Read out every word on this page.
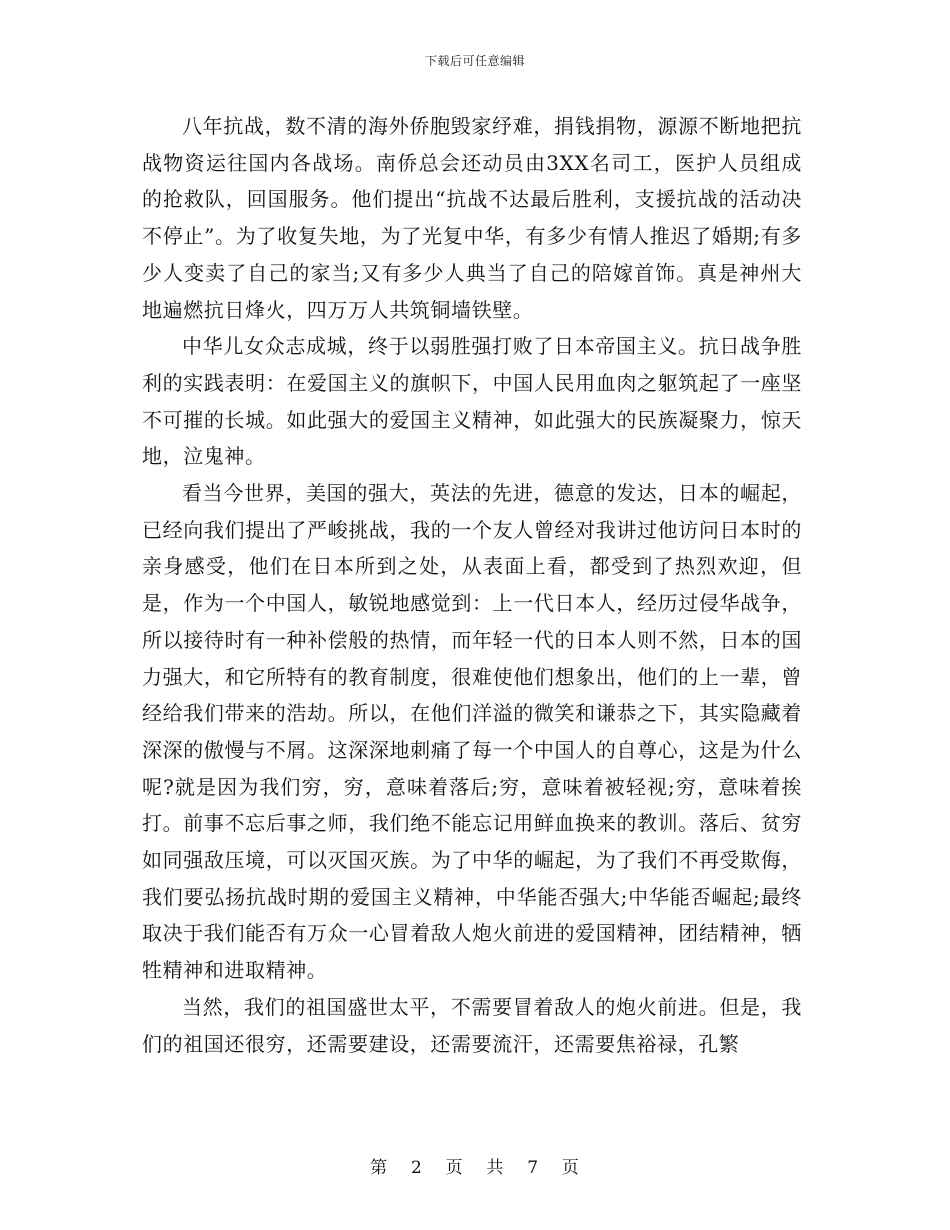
下载后可任意编辑

八年抗战，数不清的海外侨胞毁家纾难，捐钱捐物，源源不断地把抗战物资运往国内各战场。南侨总会还动员由3XX名司工，医护人员组成的抢救队，回国服务。他们提出“抗战不达最后胜利，支援抗战的活动决不停止”。为了收复失地，为了光复中华，有多少有情人推迟了婚期;有多少人变卖了自己的家当;又有多少人典当了自己的陪嫁首饰。真是神州大地遍燃抗日烽火，四万万人共筑铜墙铁壁。

中华儿女众志成城，终于以弱胜强打败了日本帝国主义。抗日战争胜利的实践表明：在爱国主义的旗帜下，中国人民用血肉之躯筑起了一座坚不可摧的长城。如此强大的爱国主义精神，如此强大的民族凝聚力，惊天地，泣鬼神。

看当今世界，美国的强大，英法的先进，德意的发达，日本的崛起，已经向我们提出了严峻挑战，我的一个友人曾经对我讲过他访问日本时的亲身感受，他们在日本所到之处，从表面上看，都受到了热烈欢迎，但是，作为一个中国人，敏锐地感觉到：上一代日本人，经历过侵华战争，所以接待时有一种补偿般的热情，而年轻一代的日本人则不然，日本的国力强大，和它所特有的教育制度，很难使他们想象出，他们的上一辈，曾经给我们带来的浩劫。所以，在他们洋溢的微笑和谦恭之下，其实隐藏着深深的傲慢与不屑。这深深地刺痛了每一个中国人的自尊心，这是为什么呢?就是因为我们穷，穷，意味着落后;穷，意味着被轻视;穷，意味着挨打。前事不忘后事之师，我们绝不能忘记用鲜血换来的教训。落后、贫穷如同强敌压境，可以灭国灭族。为了中华的崛起，为了我们不再受欺侮，我们要弘扬抗战时期的爱国主义精神，中华能否强大;中华能否崛起;最终取决于我们能否有万众一心冒着敌人炮火前进的爱国精神，团结精神，牺牲精神和进取精神。

当然，我们的祖国盛世太平，不需要冒着敌人的炮火前进。但是，我们的祖国还很穷，还需要建设，还需要流汗，还需要焦裕禄，孔繁

第 2 页 共 7 页
